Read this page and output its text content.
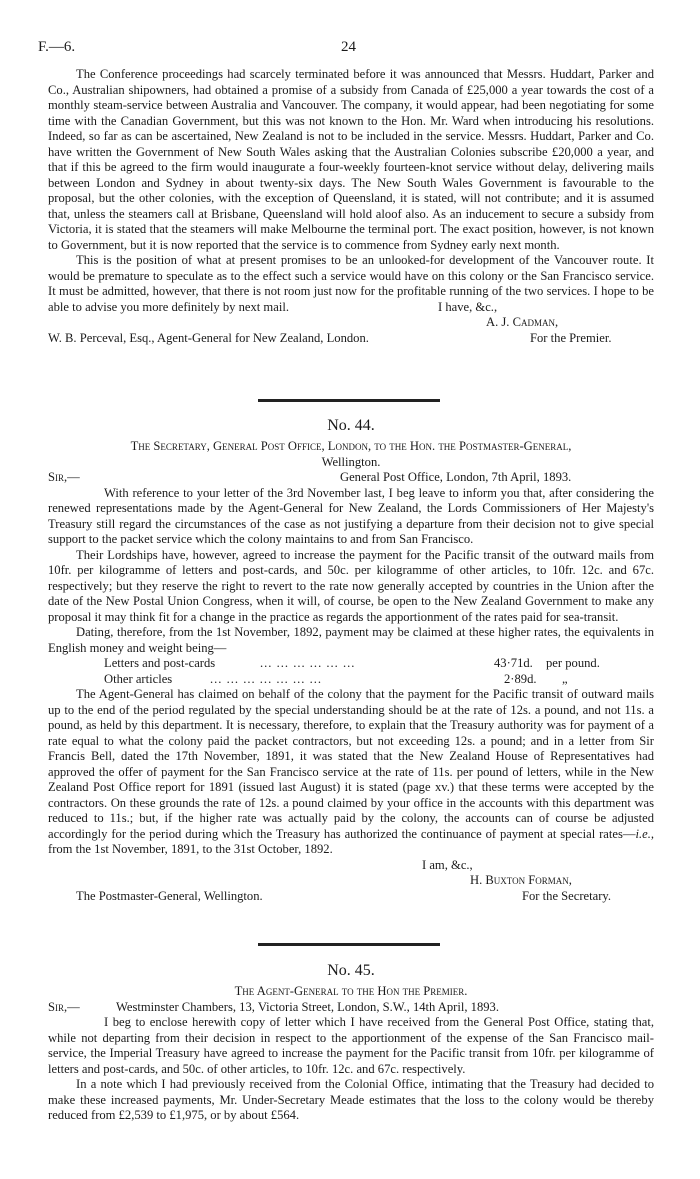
F.—6.	24

The Conference proceedings had scarcely terminated before it was announced that Messrs. Huddart, Parker and Co., Australian shipowners, had obtained a promise of a subsidy from Canada of £25,000 a year towards the cost of a monthly steam-service between Australia and Vancouver. The company, it would appear, had been negotiating for some time with the Canadian Government, but this was not known to the Hon. Mr. Ward when introducing his resolutions. Indeed, so far as can be ascertained, New Zealand is not to be included in the service. Messrs. Huddart, Parker and Co. have written the Government of New South Wales asking that the Australian Colonies subscribe £20,000 a year, and that if this be agreed to the firm would inaugurate a four-weekly fourteen-knot service without delay, delivering mails between London and Sydney in about twenty-six days. The New South Wales Government is favourable to the proposal, but the other colonies, with the exception of Queensland, it is stated, will not contribute; and it is assumed that, unless the steamers call at Brisbane, Queensland will hold aloof also. As an inducement to secure a subsidy from Victoria, it is stated that the steamers will make Melbourne the terminal port. The exact position, however, is not known to Government, but it is now reported that the service is to commence from Sydney early next month.

This is the position of what at present promises to be an unlooked-for development of the Vancouver route. It would be premature to speculate as to the effect such a service would have on this colony or the San Francisco service. It must be admitted, however, that there is not room just now for the profitable running of the two services. I hope to be able to advise you more definitely by next mail.	I have, &c.,
A. J. Cadman,
W. B. Perceval, Esq., Agent-General for New Zealand, London.	For the Premier.
No. 44.
The Secretary, General Post Office, London, to the Hon. the Postmaster-General,
Wellington.
Sir,—	General Post Office, London, 7th April, 1893.

With reference to your letter of the 3rd November last, I beg leave to inform you that, after considering the renewed representations made by the Agent-General for New Zealand, the Lords Commissioners of Her Majesty's Treasury still regard the circumstances of the case as not justifying a departure from their decision not to give special support to the packet service which the colony maintains to and from San Francisco.

Their Lordships have, however, agreed to increase the payment for the Pacific transit of the outward mails from 10fr. per kilogramme of letters and post-cards, and 50c. per kilogramme of other articles, to 10fr. 12c. and 67c. respectively; but they reserve the right to revert to the rate now generally accepted by countries in the Union after the date of the New Postal Union Congress, when it will, of course, be open to the New Zealand Government to make any proposal it may think fit for a change in the practice as regards the apportionment of the rates paid for sea-transit.

Dating, therefore, from the 1st November, 1892, payment may be claimed at these higher rates, the equivalents in English money and weight being—

Letters and post-cards	... ... ... ... ... ...	43·71d. per pound.
Other articles	... ... ... ... ... ... ...	2·89d. „

The Agent-General has claimed on behalf of the colony that the payment for the Pacific transit of outward mails up to the end of the period regulated by the special understanding should be at the rate of 12s. a pound, and not 11s. a pound, as held by this department. It is necessary, therefore, to explain that the Treasury authority was for payment of a rate equal to what the colony paid the packet contractors, but not exceeding 12s. a pound; and in a letter from Sir Francis Bell, dated the 17th November, 1891, it was stated that the New Zealand House of Representatives had approved the offer of payment for the San Francisco service at the rate of 11s. per pound of letters, while in the New Zealand Post Office report for 1891 (issued last August) it is stated (page xv.) that these terms were accepted by the contractors. On these grounds the rate of 12s. a pound claimed by your office in the accounts with this department was reduced to 11s.; but, if the higher rate was actually paid by the colony, the accounts can of course be adjusted accordingly for the period during which the Treasury has authorized the continuance of payment at special rates—i.e., from the 1st November, 1891, to the 31st October, 1892.

I am, &c.,
H. Buxton Forman,
The Postmaster-General, Wellington.	For the Secretary.
No. 45.
The Agent-General to the Hon the Premier.
Sir,—	Westminster Chambers, 13, Victoria Street, London, S.W., 14th April, 1893.

I beg to enclose herewith copy of letter which I have received from the General Post Office, stating that, while not departing from their decision in respect to the apportionment of the expense of the San Francisco mail-service, the Imperial Treasury have agreed to increase the payment for the Pacific transit from 10fr. per kilogramme of letters and post-cards, and 50c. of other articles, to 10fr. 12c. and 67c. respectively.

In a note which I had previously received from the Colonial Office, intimating that the Treasury had decided to make these increased payments, Mr. Under-Secretary Meade estimates that the loss to the colony would be thereby reduced from £2,539 to £1,975, or by about £564.
